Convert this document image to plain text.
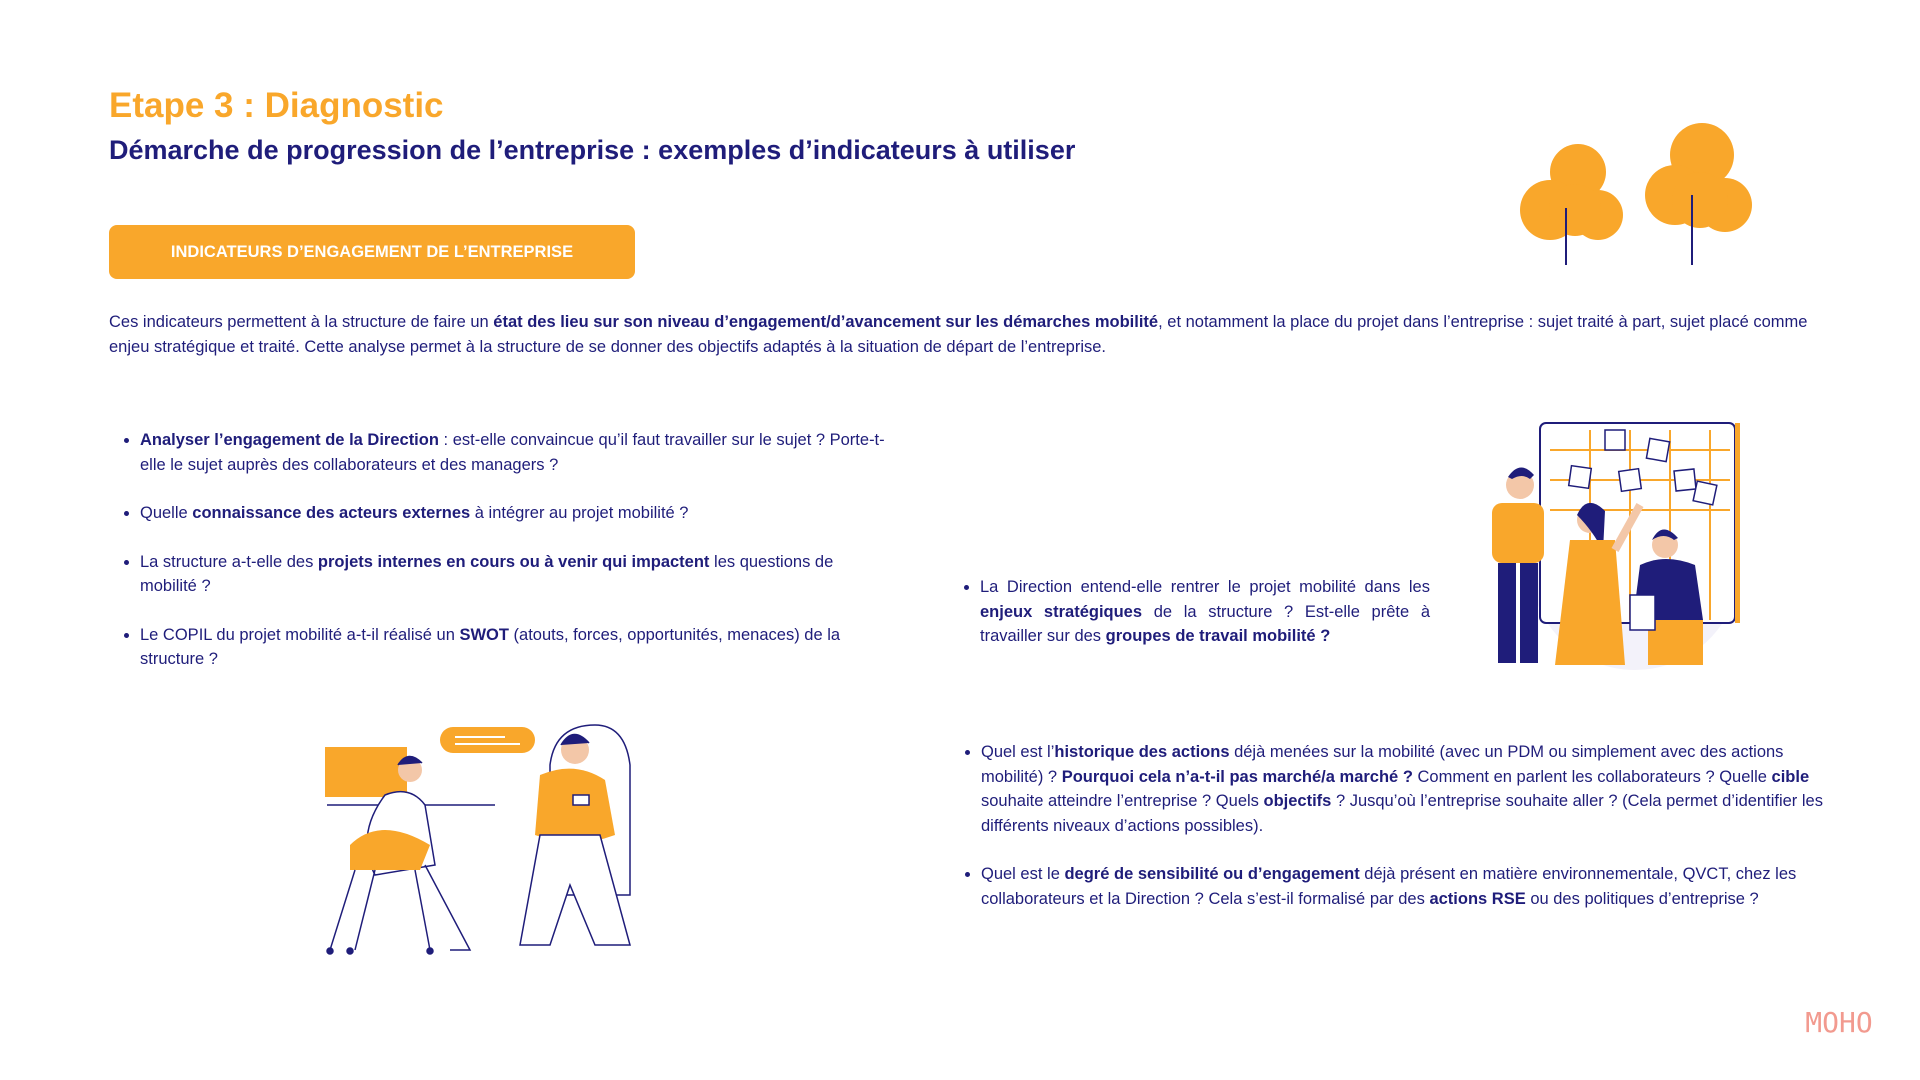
Etape 3 : Diagnostic
Démarche de progression de l’entreprise : exemples d’indicateurs à utiliser
INDICATEURS D’ENGAGEMENT DE L’ENTREPRISE

Ces indicateurs permettent à la structure de faire un état des lieu sur son niveau d’engagement/d’avancement sur les démarches mobilité, et notamment la place du projet dans l’entreprise : sujet traité à part, sujet placé comme enjeu stratégique et traité. Cette analyse permet à la structure de se donner des objectifs adaptés à la situation de départ de l’entreprise.

• Analyser l’engagement de la Direction : est-elle convaincue qu’il faut travailler sur le sujet ? Porte-t-elle le sujet auprès des collaborateurs et des managers ?
• Quelle connaissance des acteurs externes à intégrer au projet mobilité ?
• La structure a-t-elle des projets internes en cours ou à venir qui impactent les questions de mobilité ?
• Le COPIL du projet mobilité a-t-il réalisé un SWOT (atouts, forces, opportunités, menaces) de la structure ?
• La Direction entend-elle rentrer le projet mobilité dans les enjeux stratégiques de la structure ? Est-elle prête à travailler sur des groupes de travail mobilité ?
• Quel est l’historique des actions déjà menées sur la mobilité (avec un PDM ou simplement avec des actions mobilité) ? Pourquoi cela n’a-t-il pas marché/a marché ? Comment en parlent les collaborateurs ? Quelle cible souhaite atteindre l’entreprise ? Quels objectifs ? Jusqu’où l’entreprise souhaite aller ? (Cela permet d’identifier les différents niveaux d’actions possibles).
• Quel est le degré de sensibilité ou d’engagement déjà présent en matière environnementale, QVCT, chez les collaborateurs et la Direction ? Cela s’est-il formalisé par des actions RSE ou des politiques d’entreprise ?
MOHO
